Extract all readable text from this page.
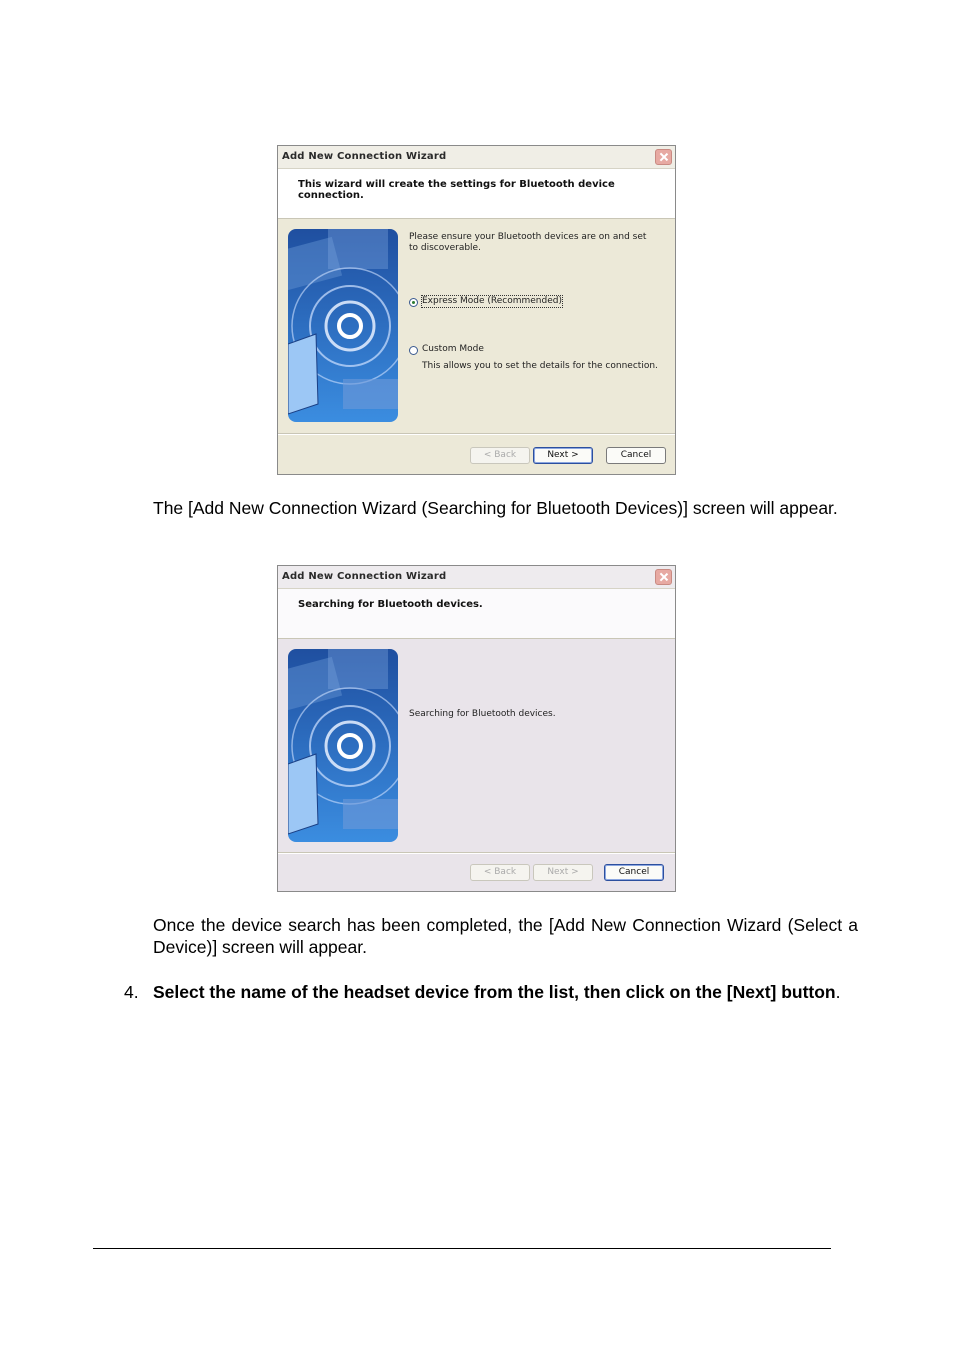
Add New Connection Wizard
This wizard will create the settings for Bluetooth device connection.
Please ensure your Bluetooth devices are on and set to discoverable.
Express Mode (Recommended)
Custom Mode
This allows you to set the details for the connection.
< Back	Next >	Cancel
The [Add New Connection Wizard (Searching for Bluetooth Devices)] screen will appear.
Add New Connection Wizard
Searching for Bluetooth devices.
Searching for Bluetooth devices.
< Back	Next >	Cancel
Once the device search has been completed, the [Add New Connection Wizard (Select a Device)] screen will appear.
4. Select the name of the headset device from the list, then click on the [Next] button.
